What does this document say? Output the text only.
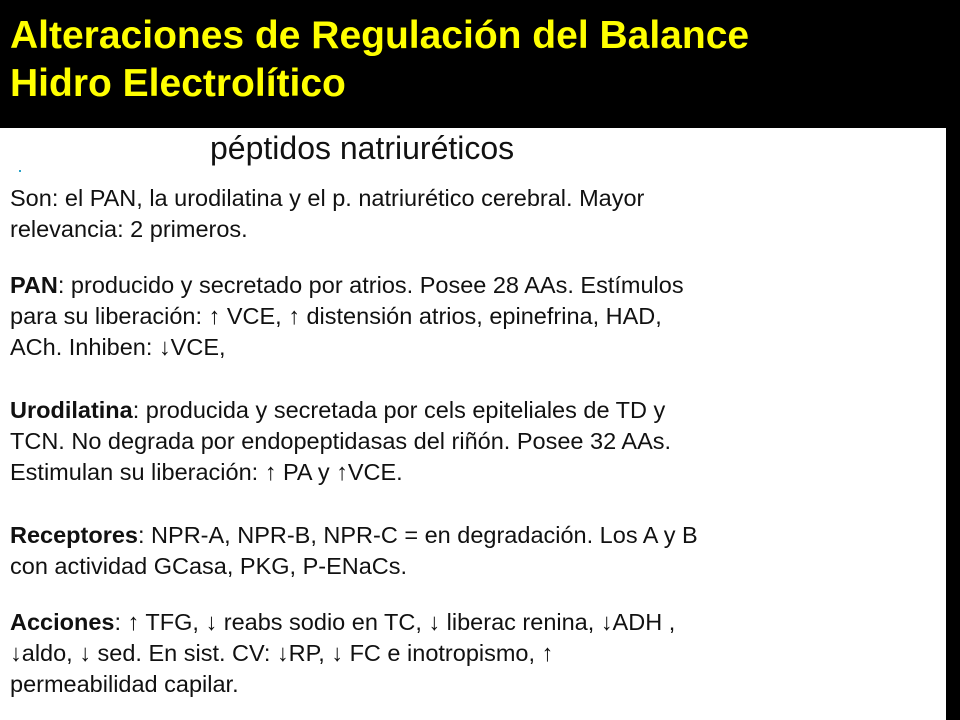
Alteraciones de Regulación del Balance
Hidro Electrolítico
péptidos natriuréticos
Son: el PAN, la urodilatina y el p. natriurético cerebral. Mayor
relevancia: 2 primeros.
PAN: producido y secretado por atrios. Posee 28 AAs. Estímulos
para su liberación: ↑ VCE, ↑ distensión atrios, epinefrina, HAD,
ACh. Inhiben: ↓VCE,
Urodilatina: producida y secretada por cels epiteliales de TD y
TCN. No degrada por endopeptidasas del riñón. Posee 32 AAs.
Estimulan su liberación: ↑ PA y ↑VCE.
Receptores: NPR-A, NPR-B, NPR-C = en degradación. Los A y B
con actividad GCasa, PKG, P-ENaCs.
Acciones: ↑ TFG, ↓ reabs sodio en TC, ↓ liberac renina, ↓ADH ,
↓aldo, ↓ sed. En sist. CV: ↓RP, ↓ FC e inotropismo, ↑
permeabilidad capilar.
